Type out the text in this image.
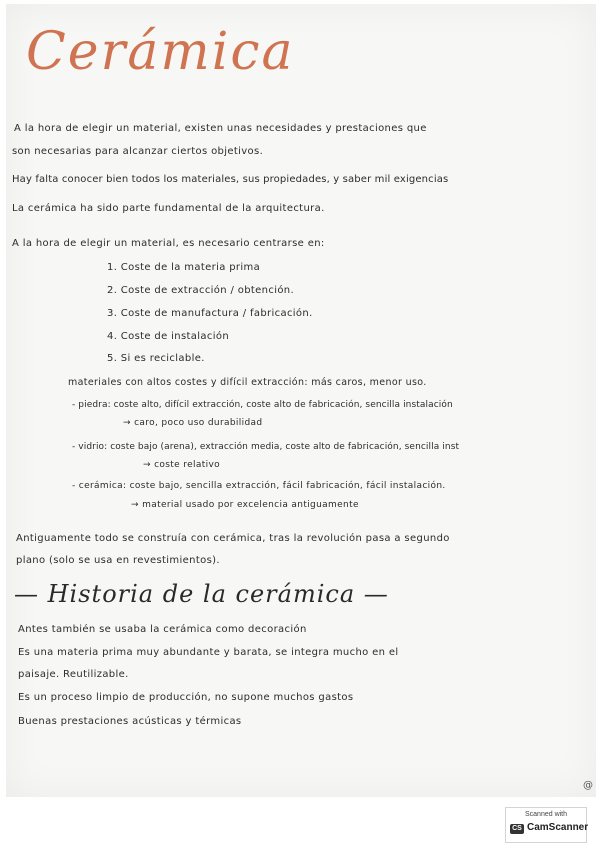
Cerámica
A la hora de elegir un material, existen unas necesidades y prestaciones que
son necesarias para alcanzar ciertos objetivos.
Hay falta conocer bien todos los materiales, sus propiedades, y saber mil exigencias
La cerámica ha sido parte fundamental de la arquitectura.
A la hora de elegir un material, es necesario centrarse en:
1. Coste de la materia prima
2. Coste de extracción / obtención.
3. Coste de manufactura / fabricación.
4. Coste de instalación
5. Si es reciclable.
materiales con altos costes y difícil extracción: más caros, menor uso.
- piedra: coste alto, difícil extracción, coste alto de fabricación, sencilla instalación
→ caro, poco uso durabilidad
- vidrio: coste bajo (arena), extracción media, coste alto de fabricación, sencilla inst
→ coste relativo
- cerámica: coste bajo, sencilla extracción, fácil fabricación, fácil instalación.
→ material usado por excelencia antiguamente
Antiguamente todo se construía con cerámica, tras la revolución pasa a segundo
plano (solo se usa en revestimientos).
— Historia de la cerámica —
Antes también se usaba la cerámica como decoración
Es una materia prima muy abundante y barata, se integra mucho en el
paisaje. Reutilizable.
Es un proceso limpio de producción, no supone muchos gastos
Buenas prestaciones acústicas y térmicas
@
Scanned with
CS CamScanner
